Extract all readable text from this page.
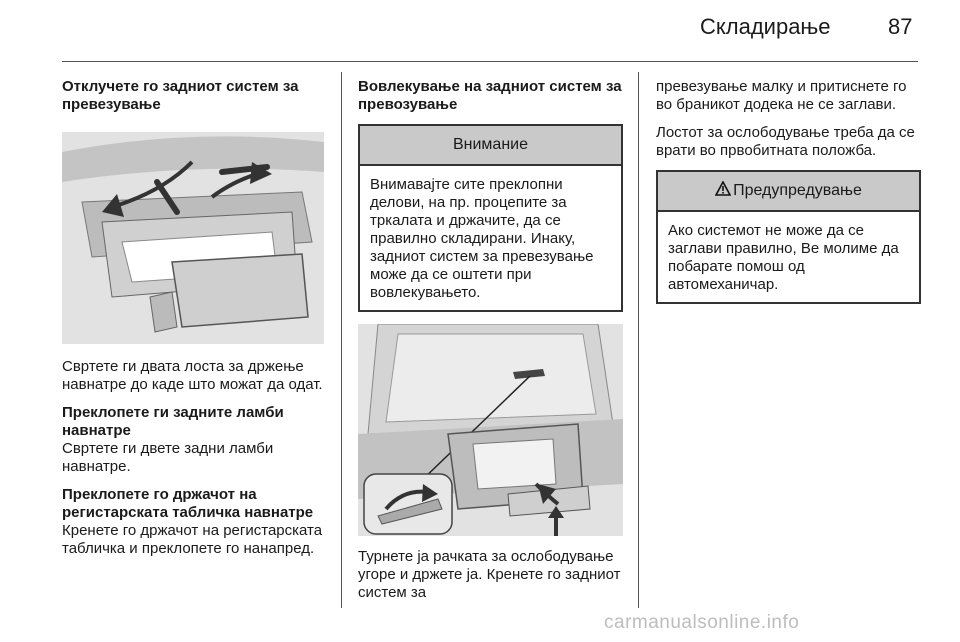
Складирање	87

Отклучете го задниот систем за превезување

Свртете ги двата лоста за држење навнатре до каде што можат да одат.

Преклопете ги задните ламби навнатре

Свртете ги двете задни ламби навнатре.

Преклопете го држачот на регистарската табличка навнатре

Кренете го држачот на регистарската табличка и преклопете го нанапред.

Вовлекување на задниот систем за превозување

Внимание
Внимавајте сите преклопни делови, на пр. процепите за тркалата и држачите, да се правилно складирани. Инаку, задниот систем за превезување може да се оштети при вовлекувањето.

Турнете ја рачката за ослободување угоре и држете ја. Кренете го задниот систем за

превезување малку и притиснете го во браникот додека не се заглави.

Лостот за ослободување треба да се врати во првобитната положба.

Предупредување
Ако системот не може да се заглави правилно, Ве молиме да побарате помош од автомеханичар.
carmanualsonline.info
